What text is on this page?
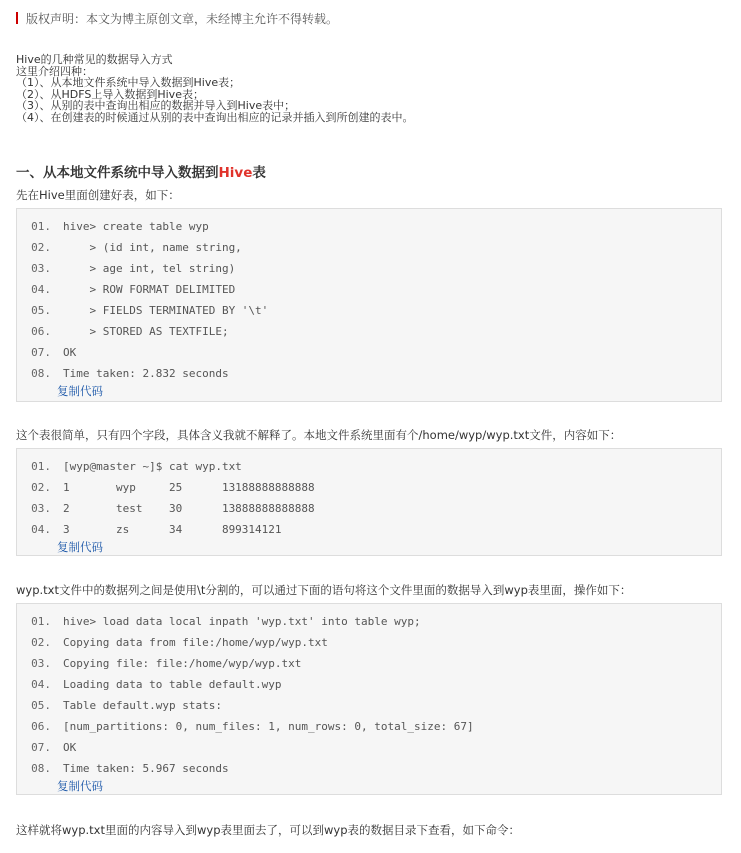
版权声明：本文为博主原创文章，未经博主允许不得转载。
Hive的几种常见的数据导入方式
这里介绍四种：
（1）、从本地文件系统中导入数据到Hive表；
（2）、从HDFS上导入数据到Hive表；
（3）、从别的表中查询出相应的数据并导入到Hive表中；
（4）、在创建表的时候通过从别的表中查询出相应的记录并插入到所创建的表中。
一、从本地文件系统中导入数据到Hive表
先在Hive里面创建好表，如下：
01. hive> create table wyp
02.    > (id int, name string,
03.    > age int, tel string)
04.    > ROW FORMAT DELIMITED
05.    > FIELDS TERMINATED BY '\t'
06.    > STORED AS TEXTFILE;
07. OK
08. Time taken: 2.832 seconds
复制代码
这个表很简单，只有四个字段，具体含义我就不解释了。本地文件系统里面有个/home/wyp/wyp.txt文件，内容如下：
01. [wyp@master ~]$ cat wyp.txt
02. 1       wyp     25      13188888888888
03. 2       test    30      13888888888888
04. 3       zs      34      899314121
复制代码
wyp.txt文件中的数据列之间是使用\t分割的，可以通过下面的语句将这个文件里面的数据导入到wyp表里面，操作如下：
01. hive> load data local inpath 'wyp.txt' into table wyp;
02. Copying data from file:/home/wyp/wyp.txt
03. Copying file: file:/home/wyp/wyp.txt
04. Loading data to table default.wyp
05. Table default.wyp stats:
06. [num_partitions: 0, num_files: 1, num_rows: 0, total_size: 67]
07. OK
08. Time taken: 5.967 seconds
复制代码
这样就将wyp.txt里面的内容导入到wyp表里面去了，可以到wyp表的数据目录下查看，如下命令：
